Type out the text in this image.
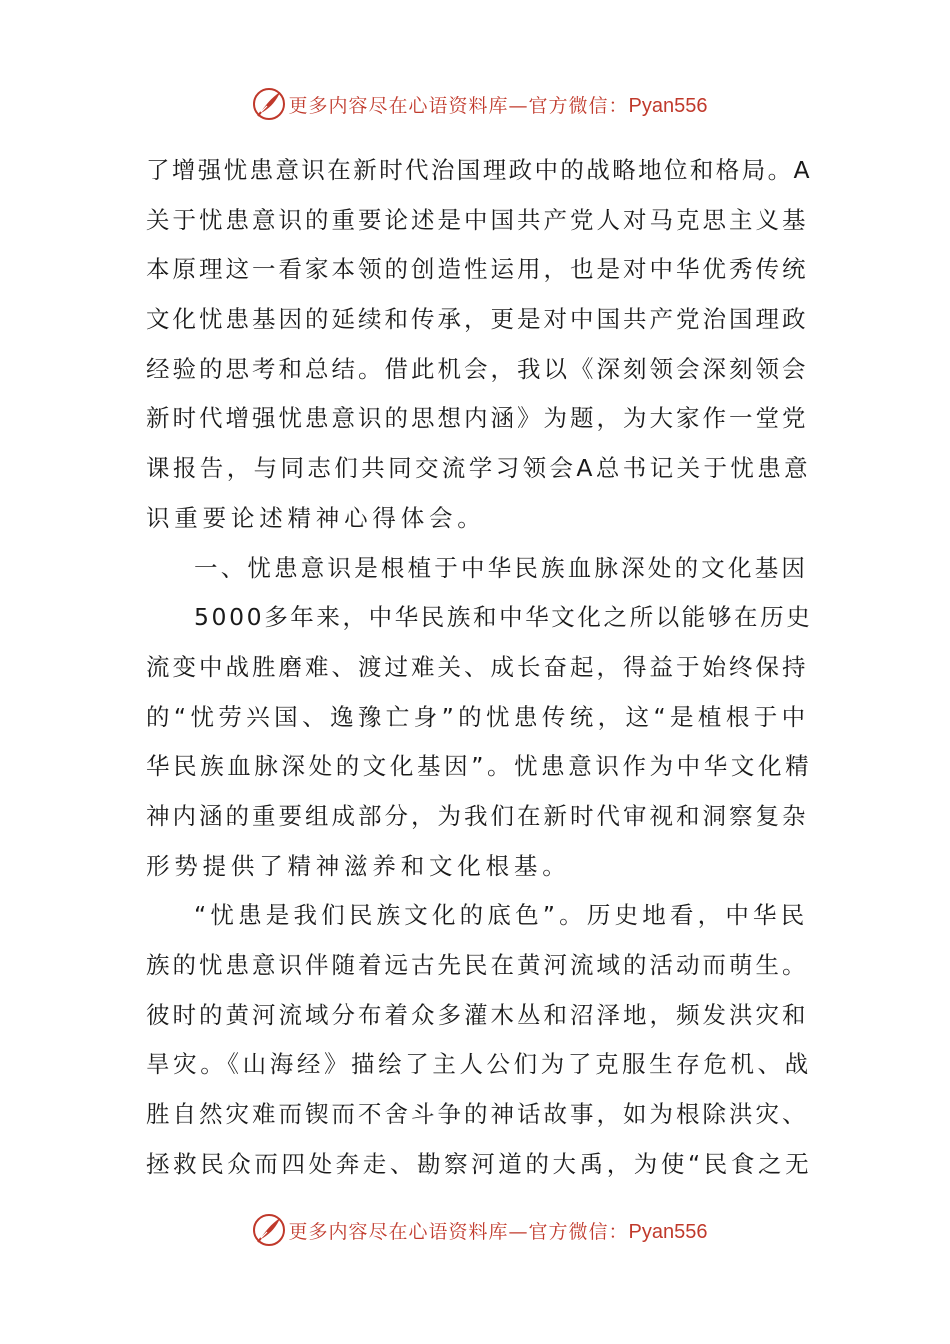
更多内容尽在心语资料库—官方微信：Pyan556
了增强忧患意识在新时代治国理政中的战略地位和格局。A
关于忧患意识的重要论述是中国共产党人对马克思主义基
本原理这一看家本领的创造性运用，也是对中华优秀传统
文化忧患基因的延续和传承，更是对中国共产党治国理政
经验的思考和总结。借此机会，我以《深刻领会深刻领会
新时代增强忧患意识的思想内涵》为题，为大家作一堂党
课报告，与同志们共同交流学习领会A总书记关于忧患意
识重要论述精神心得体会。
一、忧患意识是根植于中华民族血脉深处的文化基因
5000多年来，中华民族和中华文化之所以能够在历史
流变中战胜磨难、渡过难关、成长奋起，得益于始终保持
的“忧劳兴国、逸豫亡身”的忧患传统，这“是植根于中
华民族血脉深处的文化基因”。忧患意识作为中华文化精
神内涵的重要组成部分，为我们在新时代审视和洞察复杂
形势提供了精神滋养和文化根基。
“忧患是我们民族文化的底色”。历史地看，中华民
族的忧患意识伴随着远古先民在黄河流域的活动而萌生。
彼时的黄河流域分布着众多灌木丛和沼泽地，频发洪灾和
旱灾。《山海经》描绘了主人公们为了克服生存危机、战
胜自然灾难而锲而不舍斗争的神话故事，如为根除洪灾、
拯救民众而四处奔走、勘察河道的大禹，为使“民食之无
更多内容尽在心语资料库—官方微信：Pyan556
